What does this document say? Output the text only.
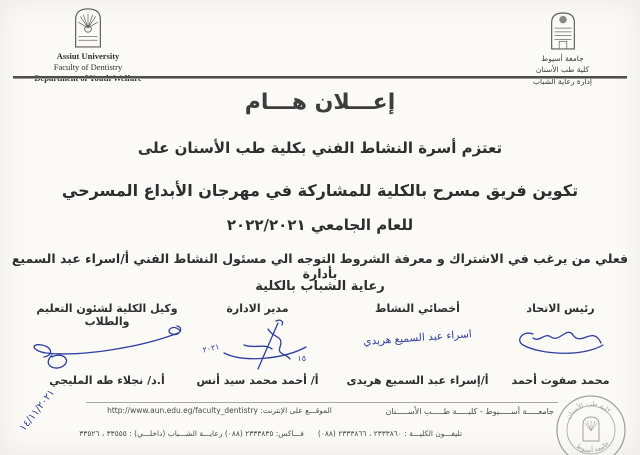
Assiut University
Faculty of Dentistry
Department of Youth Welfare
جامعة أسيوط
كلية طب الأسنان
إدارة رعاية الشباب
إعـــلان هـــام
تعتزم أسرة النشاط الفني بكلية طب الأسنان على
تكوين فريق مسرح بالكلية للمشاركة في مهرجان الأبداع المسرحي
للعام الجامعي ٢٠٢٢/٢٠٢١
فعلي من يرغب في الاشتراك و معرفة الشروط التوجه الي مسئول النشاط الفني أ/اسراء عبد السميع بأدارة
رعاية الشباب بالكلية
رئيس الاتحاد
محمد صفوت أحمد
أخصائي النشاط
اسراء عبد السميع هريدي
أ/إسراء عبد السميع هريدى
مدير الادارة
٢٠٢١
١٥
أ/ أحمد محمد سيد أنس
وكيل الكلية لشئون التعليم والطلاب
أ.د/ نجلاء طه المليجي
١٤/١١/٢٠٢١	كلية طب الأسنان
جامعة أسيوط
جامعـــــة أســـــيوط - كليـــــة طـــــب الأســـــنان
الموقـــع على الإنترنت: http://www.aun.edu.eg/faculty_dentistry
تليفـــون الكليـــة : ٢٣٣٣٨٦٠ ، ٢٣٣٣٨٦٦ (٠٨٨)
فـــاكس: ٢٣٣٣٨٣٥ (٠٨٨) رعايـــة الشـــباب (داخلـــي) : ٣٣٥٥٥ ، ٣٣٥٢٦
